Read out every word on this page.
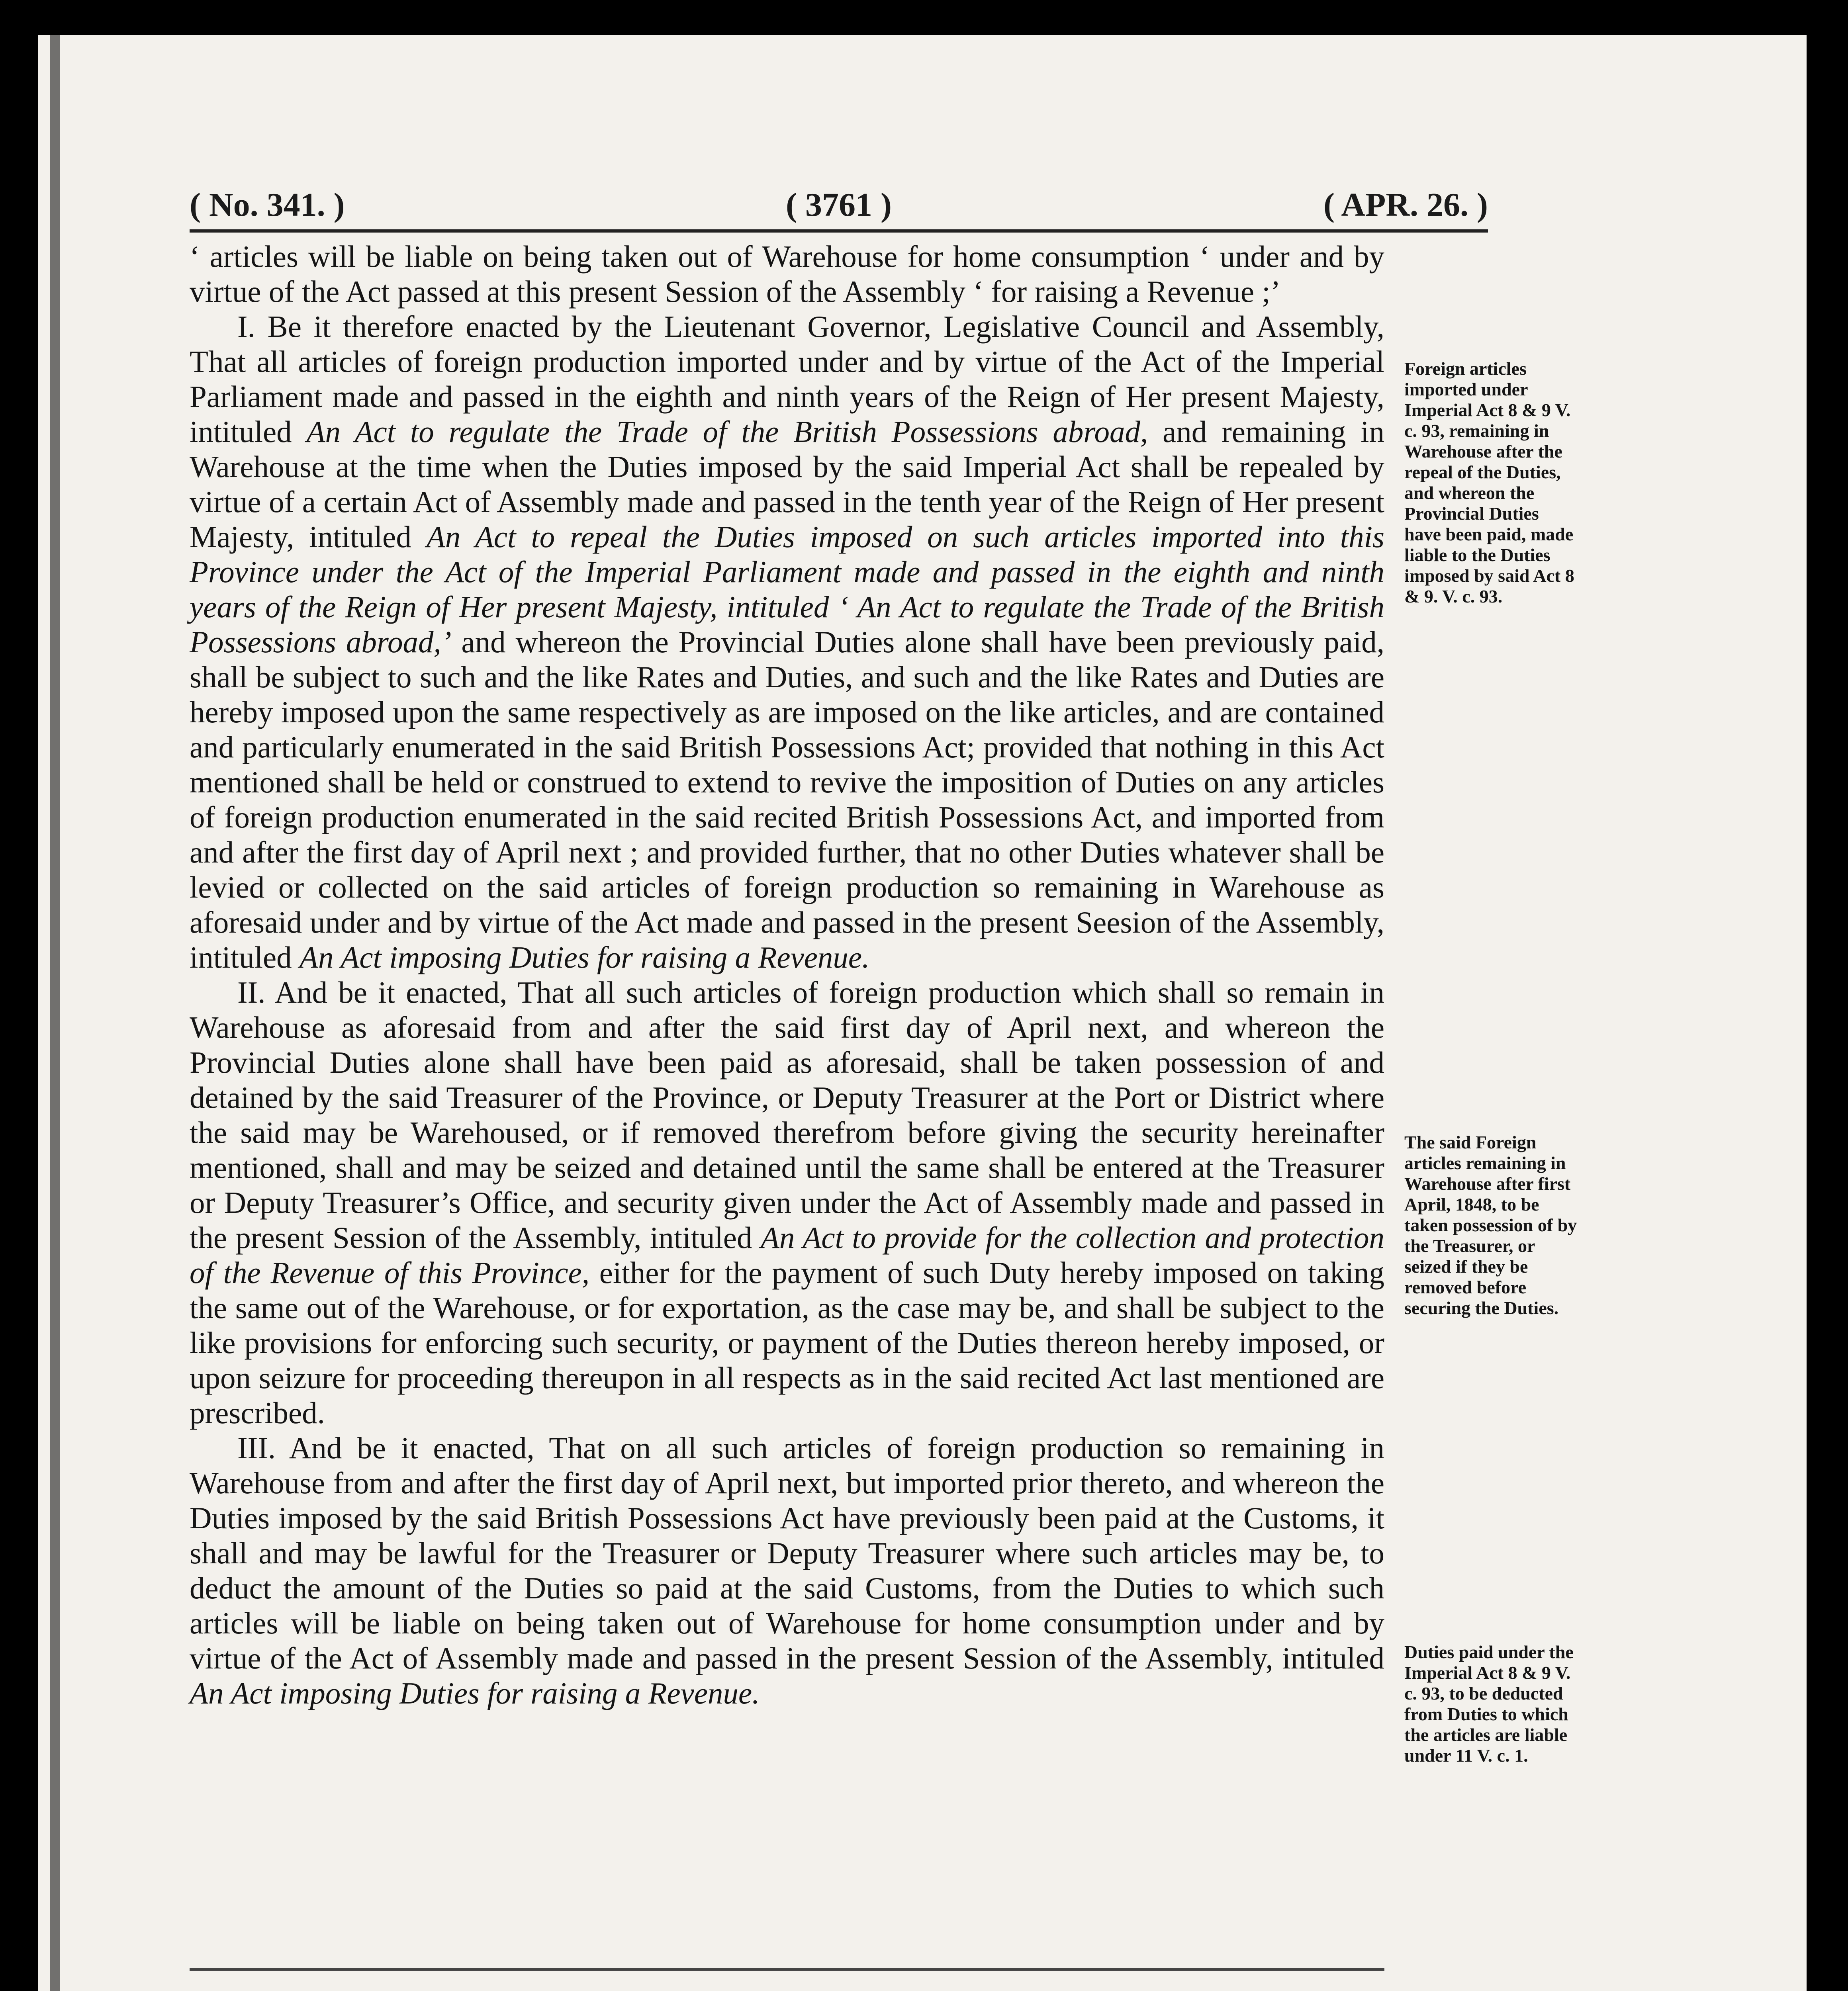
( No. 341. )	( 3761 )	( APR. 26. )

‘ articles will be liable on being taken out of Warehouse for home consumption ‘ under and by virtue of the Act passed at this present Session of the Assembly ‘ for raising a Revenue ;’

I. Be it therefore enacted by the Lieutenant Governor, Legislative Council and Assembly, That all articles of foreign production imported under and by virtue of the Act of the Imperial Parliament made and passed in the eighth and ninth years of the Reign of Her present Majesty, intituled An Act to regulate the Trade of the British Possessions abroad, and remaining in Warehouse at the time when the Duties imposed by the said Imperial Act shall be repealed by virtue of a certain Act of Assembly made and passed in the tenth year of the Reign of Her present Majesty, intituled An Act to repeal the Duties imposed on such articles imported into this Province under the Act of the Imperial Parliament made and passed in the eighth and ninth years of the Reign of Her present Majesty, intituled ‘ An Act to regulate the Trade of the British Possessions abroad,’ and whereon the Provincial Duties alone shall have been previously paid, shall be subject to such and the like Rates and Duties, and such and the like Rates and Duties are hereby imposed upon the same respectively as are imposed on the like articles, and are contained and particularly enumerated in the said British Possessions Act; provided that nothing in this Act mentioned shall be held or construed to extend to revive the imposition of Duties on any articles of foreign production enumerated in the said recited British Possessions Act, and imported from and after the first day of April next ; and provided further, that no other Duties whatever shall be levied or collected on the said articles of foreign production so remaining in Warehouse as aforesaid under and by virtue of the Act made and passed in the present Seesion of the Assembly, intituled An Act imposing Duties for raising a Revenue.

II. And be it enacted, That all such articles of foreign production which shall so remain in Warehouse as aforesaid from and after the said first day of April next, and whereon the Provincial Duties alone shall have been paid as aforesaid, shall be taken possession of and detained by the said Treasurer of the Province, or Deputy Treasurer at the Port or District where the said may be Warehoused, or if removed therefrom before giving the security hereinafter mentioned, shall and may be seized and detained until the same shall be entered at the Treasurer or Deputy Treasurer’s Office, and security given under the Act of Assembly made and passed in the present Session of the Assembly, intituled An Act to provide for the collection and protection of the Revenue of this Province, either for the payment of such Duty hereby imposed on taking the same out of the Warehouse, or for exportation, as the case may be, and shall be subject to the like provisions for enforcing such security, or payment of the Duties thereon hereby imposed, or upon seizure for proceeding thereupon in all respects as in the said recited Act last mentioned are prescribed.

III. And be it enacted, That on all such articles of foreign production so remaining in Warehouse from and after the first day of April next, but imported prior thereto, and whereon the Duties imposed by the said British Possessions Act have previously been paid at the Customs, it shall and may be lawful for the Treasurer or Deputy Treasurer where such articles may be, to deduct the amount of the Duties so paid at the said Customs, from the Duties to which such articles will be liable on being taken out of Warehouse for home consumption under and by virtue of the Act of Assembly made and passed in the present Session of the Assembly, intituled An Act imposing Duties for raising a Revenue.

Foreign articles imported under Imperial Act 8 & 9 V. c. 93, remaining in Warehouse after the repeal of the Duties, and whereon the Provincial Duties have been paid, made liable to the Duties imposed by said Act 8 & 9. V. c. 93.
The said Foreign articles remaining in Warehouse after first April, 1848, to be taken possession of by the Treasurer, or seized if they be removed before securing the Duties.
Duties paid under the Imperial Act 8 & 9 V. c. 93, to be deducted from Duties to which the articles are liable under 11 V. c. 1.
